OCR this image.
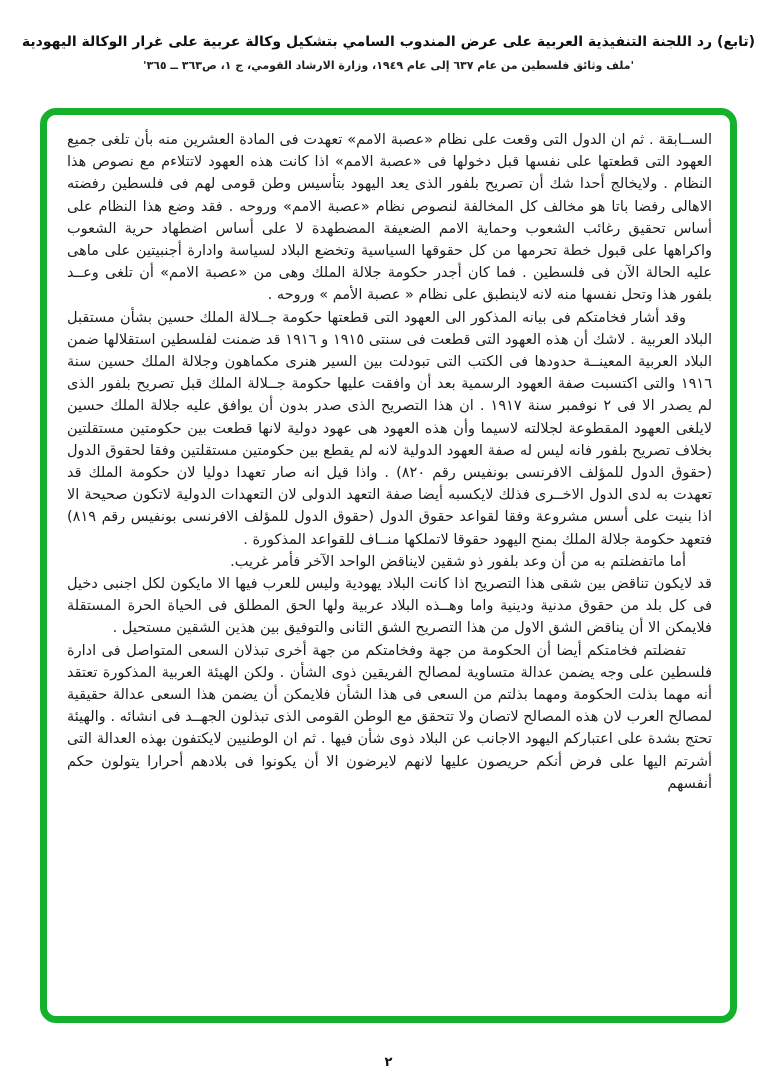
(تابع) رد اللجنة التنفيذية العربية على عرض المندوب السامي بتشكيل وكالة عربية على غرار الوكالة اليهودية
'ملف وثائق فلسطين من عام ٦٣٧ إلى عام ١٩٤٩، وزارة الارشاد القومي، ج ١، ص٣٦٣ ــ ٣٦٥'

الســابقة . ثم ان الدول التى وقعت على نظام «عصبة الامم» تعهدت فى المادة العشرين منه بأن تلغى جميع العهود التى قطعتها على نفسها قبل دخولها فى «عصبة الامم» اذا كانت هذه العهود لاتتلاءم مع نصوص هذا النظام . ولايخالج أحدا شك أن تصريح بلفور الذى يعد اليهود بتأسيس وطن قومى لهم فى فلسطين رفضته الاهالى رفضا باتا هو مخالف كل المخالفة لنصوص نظام «عصبة الامم» وروحه . فقد وضع هذا النظام على أساس تحقيق رغائب الشعوب وحماية الامم الضعيفة المضطهدة لا على أساس اضطهاد حرية الشعوب واكراهها على قبول خطة تحرمها من كل حقوقها السياسية وتخضع البلاد لسياسة وادارة أجنبيتين على ماهى عليه الحالة الآن فى فلسطين . فما كان أجدر حكومة جلالة الملك وهى من «عصبة الامم» أن تلغى وعــد بلفور هذا وتحل نفسها منه لانه لاينطبق على نظام « عصبة الأمم » وروحه .

وقد أشار فخامتكم فى بيانه المذكور الى العهود التى قطعتها حكومة جــلالة الملك حسين بشأن مستقبل البلاد العربية . لاشك أن هذه العهود التى قطعت فى سنتى ١٩١٥ و ١٩١٦ قد ضمنت لفلسطين استقلالها ضمن البلاد العربية المعينــة حدودها فى الكتب التى تبودلت بين السير هنرى مكماهون وجلالة الملك حسين سنة ١٩١٦ والتى اكتسبت صفة العهود الرسمية بعد أن وافقت عليها حكومة جــلالة الملك قبل تصريح بلفور الذى لم يصدر الا فى ٢ نوفمبر سنة ١٩١٧ . ان هذا التصريح الذى صدر بدون أن يوافق عليه جلالة الملك حسين لايلغى العهود المقطوعة لجلالته لاسيما وأن هذه العهود هى عهود دولية لانها قطعت بين حكومتين مستقلتين بخلاف تصريح بلفور فانه ليس له صفة العهود الدولية لانه لم يقطع بين حكومتين مستقلتين وفقا لحقوق الدول (حقوق الدول للمؤلف الافرنسى بونفيس رقم ٨٢٠) . واذا قيل انه صار تعهدا دوليا لان حكومة الملك قد تعهدت به لدى الدول الاخــرى فذلك لايكسبه أيضا صفة التعهد الدولى لان التعهدات الدولية لاتكون صحيحة الا اذا بنيت على أسس مشروعة وفقا لقواعد حقوق الدول (حقوق الدول للمؤلف الافرنسى بونفيس رقم ٨١٩) فتعهد حكومة جلالة الملك بمنح اليهود حقوقا لاتملكها منــاف للقواعد المذكورة .

أما ماتفضلتم به من أن وعد بلفور ذو شقين لايناقض الواحد الآخر فأمر غريب.

قد لايكون تناقض بين شقى هذا التصريح اذا كانت البلاد يهودية وليس للعرب فيها الا مايكون لكل اجنبى دخيل فى كل بلد من حقوق مدنية ودينية واما وهــذه البلاد عربية ولها الحق المطلق فى الحياة الحرة المستقلة فلايمكن الا أن يناقض الشق الاول من هذا التصريح الشق الثانى والتوفيق بين هذين الشقين مستحيل .

تفضلتم فخامتكم أيضا أن الحكومة من جهة وفخامتكم من جهة أخرى تبذلان السعى المتواصل فى ادارة فلسطين على وجه يضمن عدالة متساوية لمصالح الفريقين ذوى الشأن . ولكن الهيئة العربية المذكورة تعتقد أنه مهما بذلت الحكومة ومهما بذلتم من السعى فى هذا الشأن فلايمكن أن يضمن هذا السعى عدالة حقيقية لمصالح العرب لان هذه المصالح لاتصان ولا تتحقق مع الوطن القومى الذى تبذلون الجهــد فى انشائه . والهيئة تحتج بشدة على اعتباركم اليهود الاجانب عن البلاد ذوى شأن فيها . ثم ان الوطنيين لايكتفون بهذه العدالة التى أشرتم اليها على فرض أنكم حريصون عليها لانهم لايرضون الا أن يكونوا فى بلادهم أحرارا يتولون حكم أنفسهم

٢
